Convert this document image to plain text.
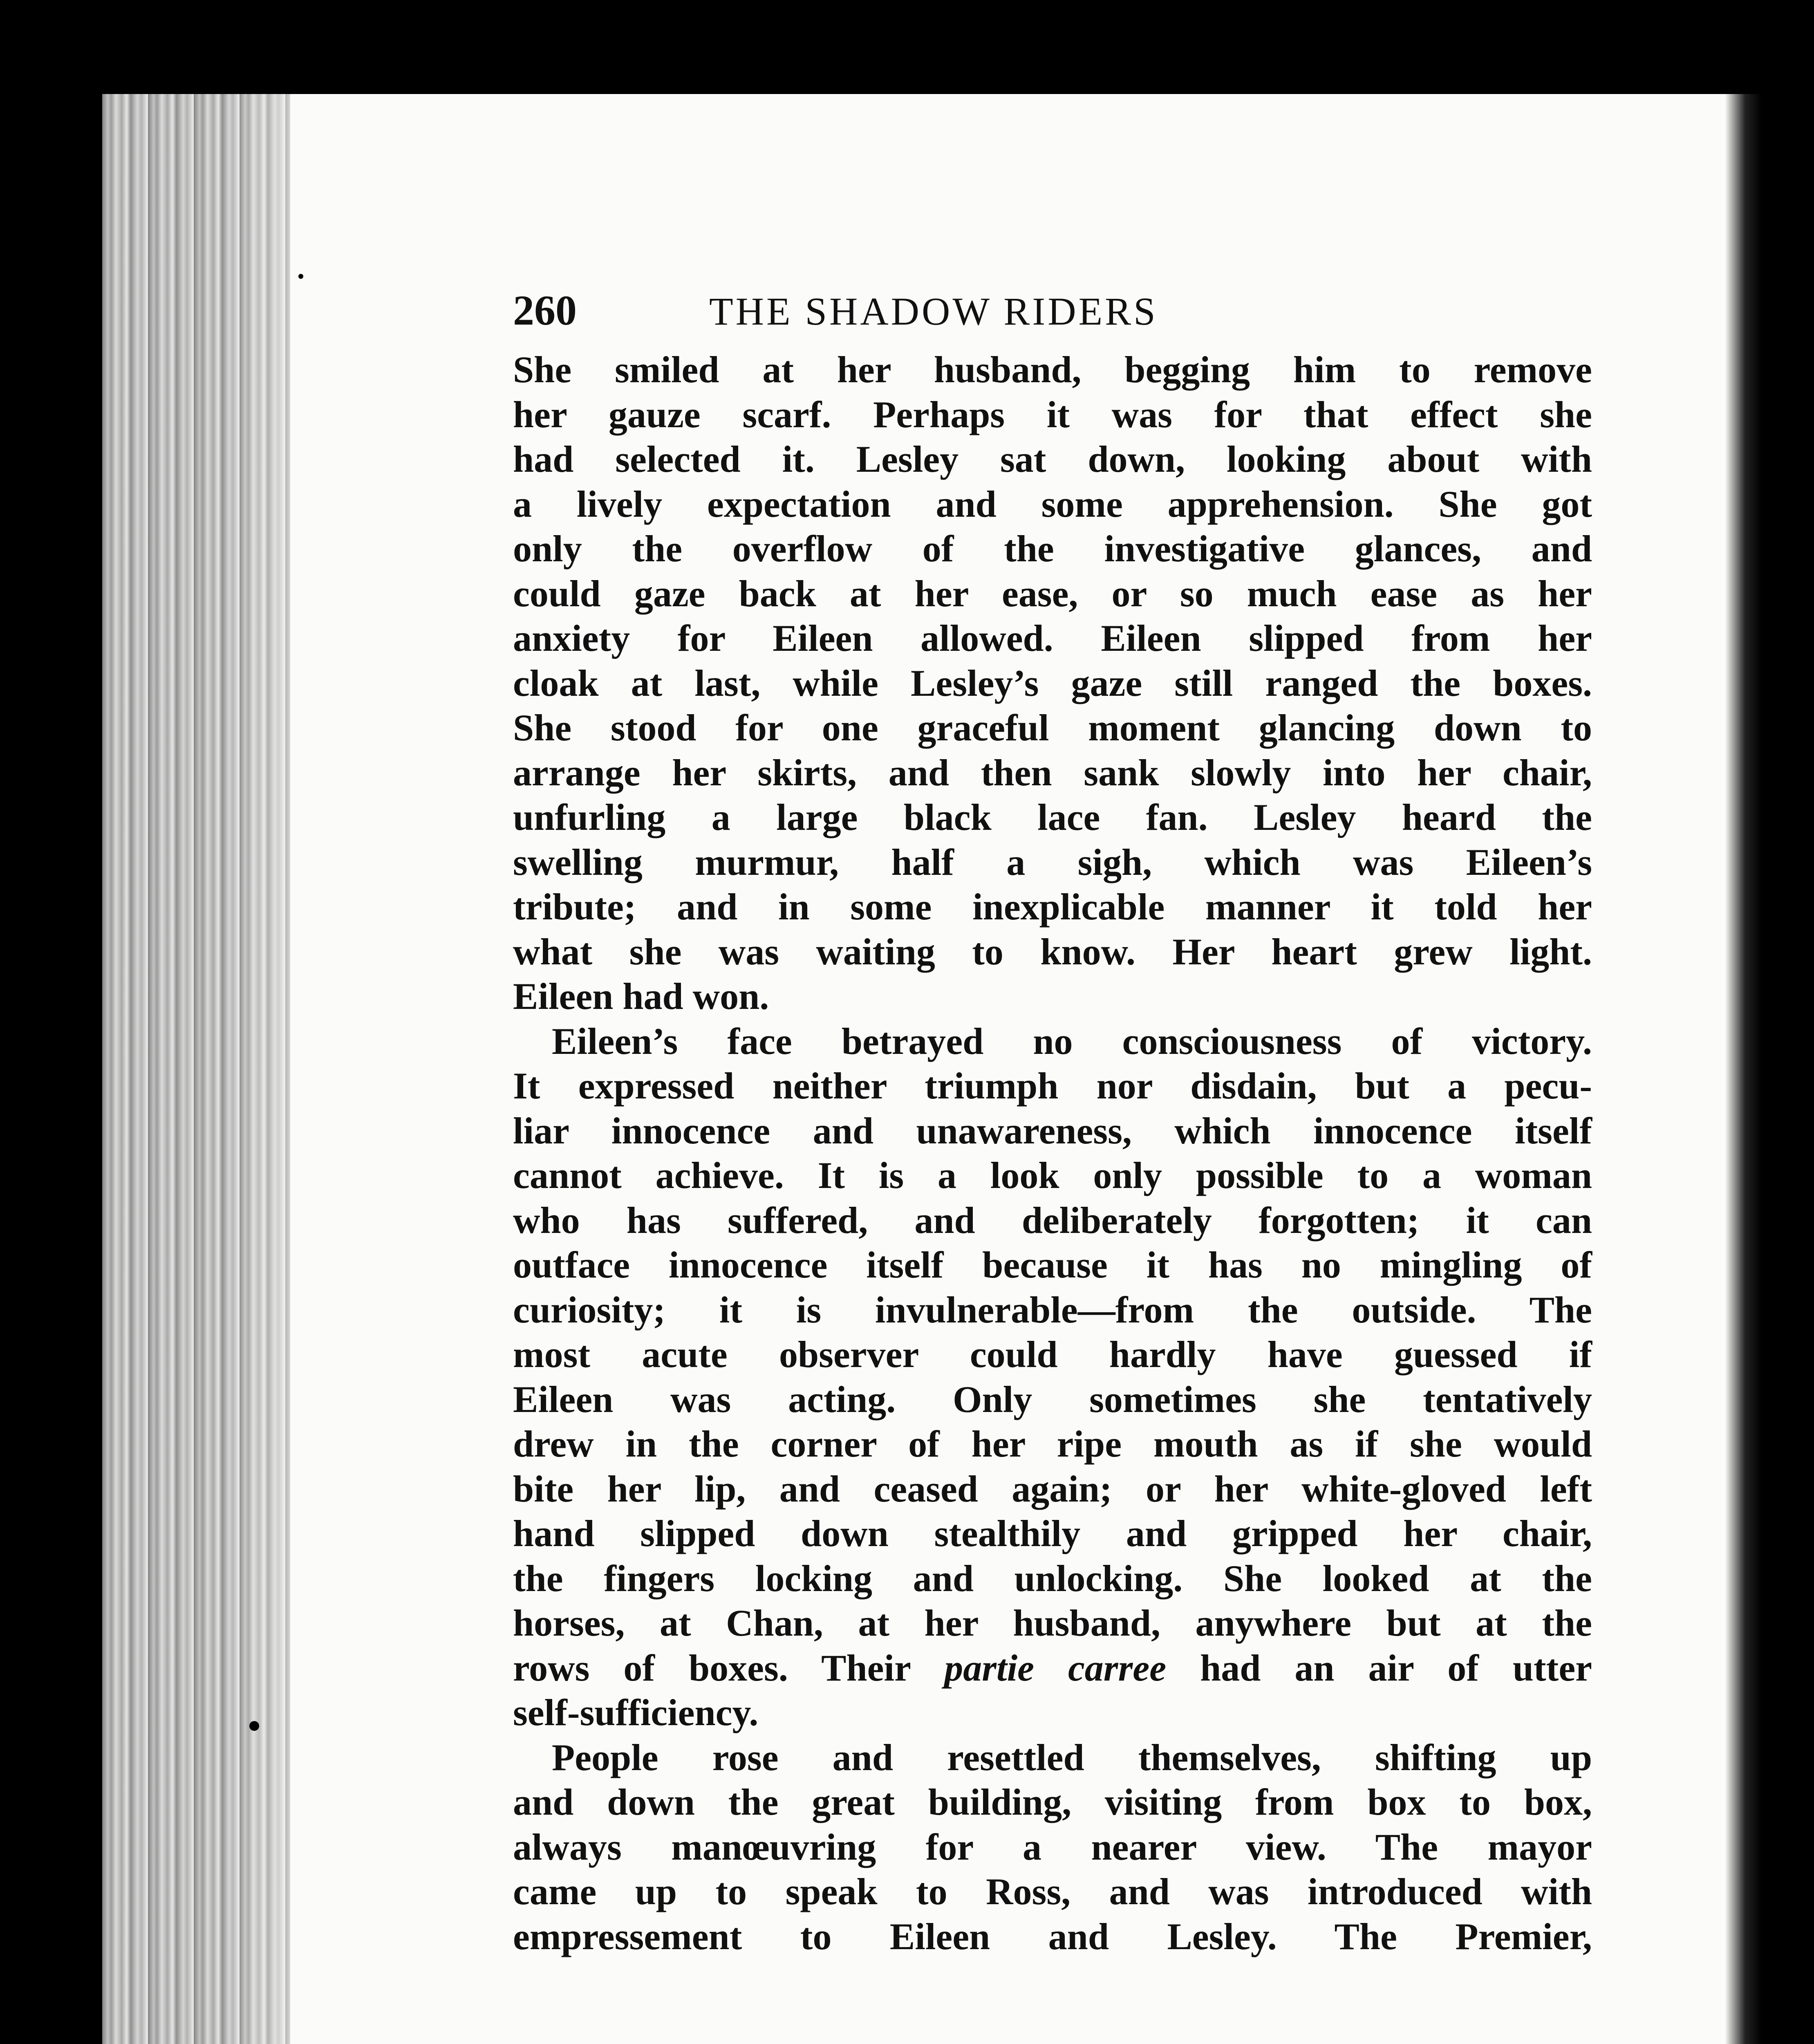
260	THE SHADOW RIDERS
She smiled at her husband, begging him to remove
her gauze scarf. Perhaps it was for that effect she
had selected it. Lesley sat down, looking about with
a lively expectation and some apprehension. She got
only the overflow of the investigative glances, and
could gaze back at her ease, or so much ease as her
anxiety for Eileen allowed. Eileen slipped from her
cloak at last, while Lesley’s gaze still ranged the boxes.
She stood for one graceful moment glancing down to
arrange her skirts, and then sank slowly into her chair,
unfurling a large black lace fan. Lesley heard the
swelling murmur, half a sigh, which was Eileen’s
tribute; and in some inexplicable manner it told her
what she was waiting to know. Her heart grew light.
Eileen had won.
Eileen’s face betrayed no consciousness of victory.
It expressed neither triumph nor disdain, but a pecu-
liar innocence and unawareness, which innocence itself
cannot achieve. It is a look only possible to a woman
who has suffered, and deliberately forgotten; it can
outface innocence itself because it has no mingling of
curiosity; it is invulnerable—from the outside. The
most acute observer could hardly have guessed if
Eileen was acting. Only sometimes she tentatively
drew in the corner of her ripe mouth as if she would
bite her lip, and ceased again; or her white-gloved left
hand slipped down stealthily and gripped her chair,
the fingers locking and unlocking. She looked at the
horses, at Chan, at her husband, anywhere but at the
rows of boxes. Their partie carree had an air of utter
self-sufficiency.
People rose and resettled themselves, shifting up
and down the great building, visiting from box to box,
always manœuvring for a nearer view. The mayor
came up to speak to Ross, and was introduced with
empressement to Eileen and Lesley. The Premier,
